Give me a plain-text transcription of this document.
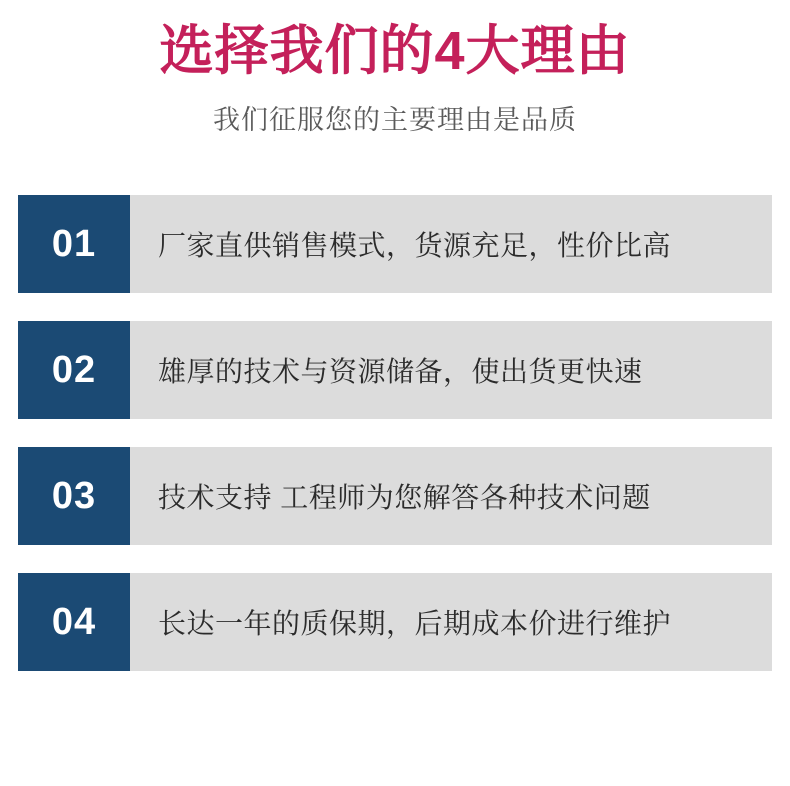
选择我们的4大理由
我们征服您的主要理由是品质
01	厂家直供销售模式，货源充足，性价比高
02	雄厚的技术与资源储备，使出货更快速
03	技术支持 工程师为您解答各种技术问题
04	长达一年的质保期，后期成本价进行维护
